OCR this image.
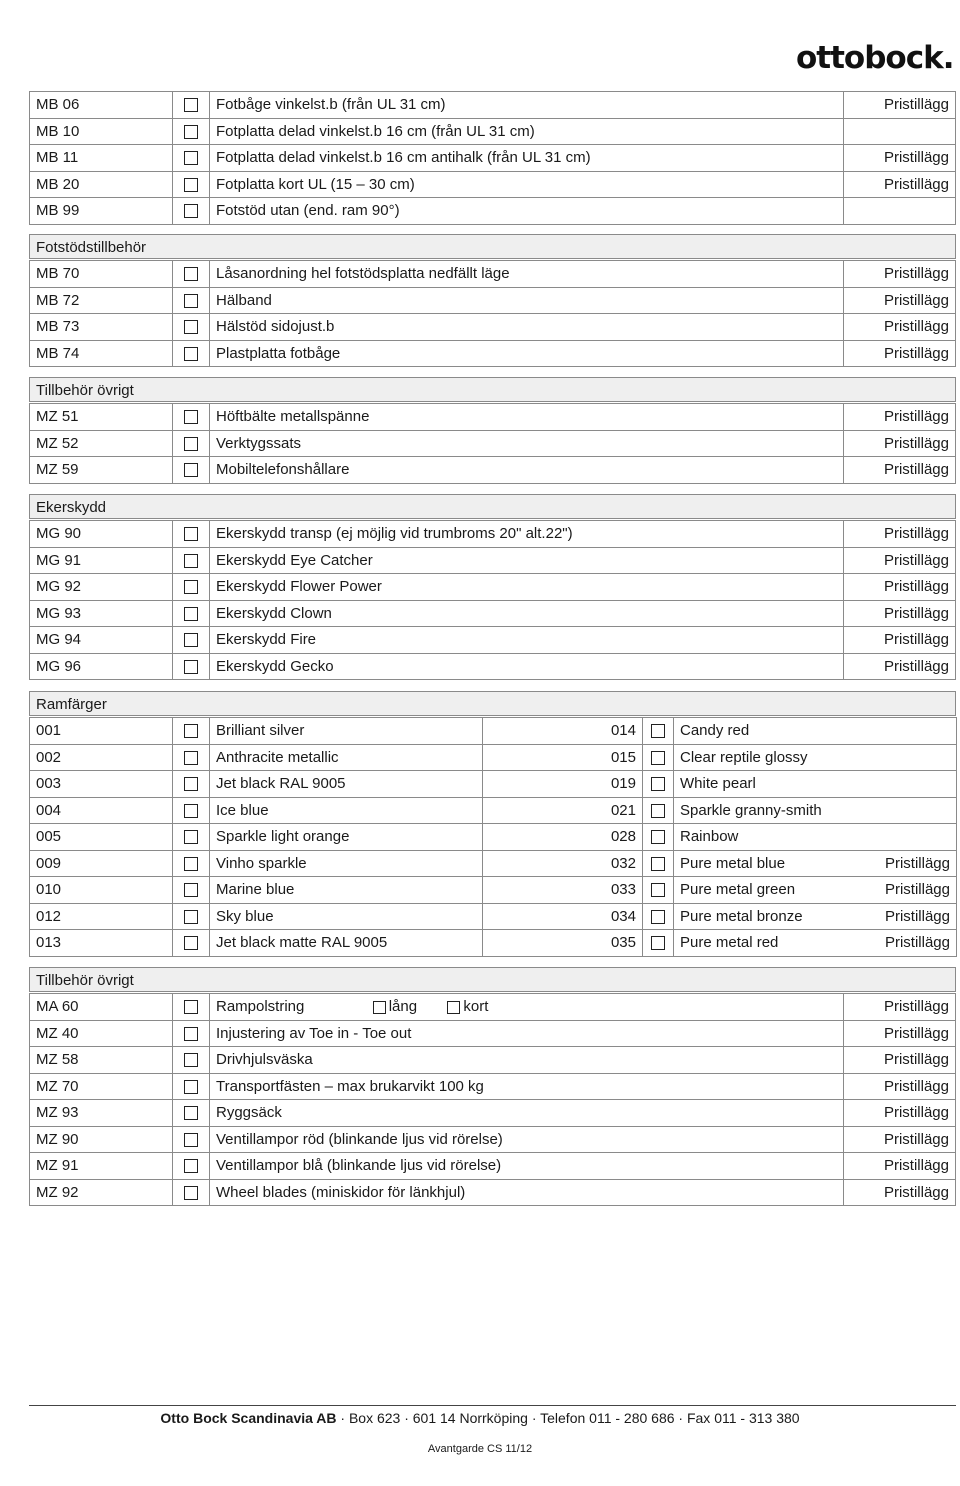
ottobock.
MB 06		Fotbåge vinkelst.b (från UL 31 cm)	Pristillägg
MB 10		Fotplatta delad vinkelst.b 16 cm (från UL 31 cm)	
MB 11		Fotplatta delad vinkelst.b 16 cm antihalk (från UL 31 cm)	Pristillägg
MB 20		Fotplatta kort UL (15 – 30 cm)	Pristillägg
MB 99		Fotstöd utan (end. ram 90°)	
Fotstödstillbehör
MB 70		Låsanordning hel fotstödsplatta nedfällt läge	Pristillägg
MB 72		Hälband	Pristillägg
MB 73		Hälstöd sidojust.b	Pristillägg
MB 74		Plastplatta fotbåge	Pristillägg
Tillbehör övrigt
MZ 51		Höftbälte metallspänne	Pristillägg
MZ 52		Verktygssats	Pristillägg
MZ 59		Mobiltelefonshållare	Pristillägg
Ekerskydd
MG 90		Ekerskydd transp (ej möjlig vid trumbroms 20" alt.22")	Pristillägg
MG 91		Ekerskydd Eye Catcher	Pristillägg
MG 92		Ekerskydd Flower Power	Pristillägg
MG 93		Ekerskydd Clown	Pristillägg
MG 94		Ekerskydd Fire	Pristillägg
MG 96		Ekerskydd Gecko	Pristillägg
Ramfärger
001		Brilliant silver	014		Candy red	
002		Anthracite metallic	015		Clear reptile glossy	
003		Jet black RAL 9005	019		White pearl	
004		Ice blue	021		Sparkle granny-smith	
005		Sparkle light orange	028		Rainbow	
009		Vinho sparkle	032		Pure metal blue	Pristillägg
010		Marine blue	033		Pure metal green	Pristillägg
012		Sky blue	034		Pure metal bronze	Pristillägg
013		Jet black matte RAL 9005	035		Pure metal red	Pristillägg
Tillbehör övrigt
MA 60		Rampolstring lång kort	Pristillägg
MZ 40		Injustering av Toe in - Toe out	Pristillägg
MZ 58		Drivhjulsväska	Pristillägg
MZ 70		Transportfästen – max brukarvikt 100 kg	Pristillägg
MZ 93		Ryggsäck	Pristillägg
MZ 90		Ventillampor röd (blinkande ljus vid rörelse)	Pristillägg
MZ 91		Ventillampor blå (blinkande ljus vid rörelse)	Pristillägg
MZ 92		Wheel blades (miniskidor för länkhjul)	Pristillägg
Otto Bock Scandinavia AB · Box 623 · 601 14 Norrköping · Telefon 011 - 280 686 · Fax 011 - 313 380
Avantgarde CS 11/12
